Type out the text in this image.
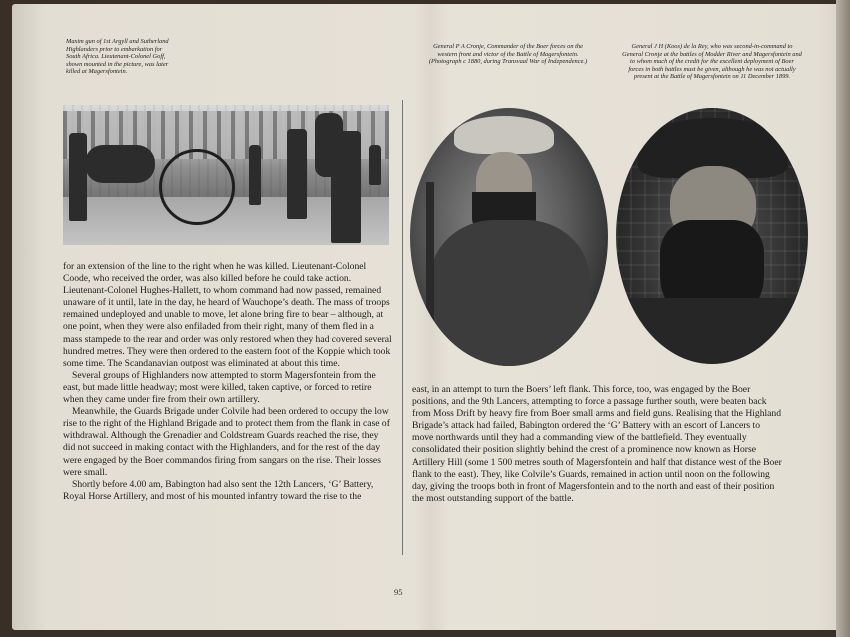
Maxim gun of 1st Argyll and Sutherland Highlanders prior to embarkation for South Africa. Lieutenant-Colonel Goff, shown mounted in the picture, was later killed at Magersfontein.
General P A Cronje, Commander of the Boer forces on the western front and victor of the Battle of Magersfontein. (Photograph c 1880, during Transvaal War of Independence.)
General J H (Koos) de la Rey, who was second-in-command to General Cronje at the battles of Modder River and Magersfontein and to whom much of the credit for the excellent deployment of Boer forces in both battles must be given, although he was not actually present at the Battle of Magersfontein on 11 December 1899.

for an extension of the line to the right when he was killed. Lieutenant-Colonel Coode, who received the order, was also killed before he could take action. Lieutenant-Colonel Hughes-Hallett, to whom command had now passed, remained unaware of it until, late in the day, he heard of Wauchope’s death. The mass of troops remained undeployed and unable to move, let alone bring fire to bear – although, at one point, when they were also enfiladed from their right, many of them fled in a mass stampede to the rear and order was only restored when they had covered several hundred metres. They were then ordered to the eastern foot of the Koppie which took some time. The Scandanavian outpost was eliminated at about this time.

Several groups of Highlanders now attempted to storm Magersfontein from the east, but made little headway; most were killed, taken captive, or forced to retire when they came under fire from their own artillery.

Meanwhile, the Guards Brigade under Colvile had been ordered to occupy the low rise to the right of the Highland Brigade and to protect them from the flank in case of withdrawal. Although the Grenadier and Coldstream Guards reached the rise, they did not succeed in making contact with the Highlanders, and for the rest of the day were engaged by the Boer commandos firing from sangars on the rise. Their losses were small.

Shortly before 4.00 am, Babington had also sent the 12th Lancers, ‘G’ Battery, Royal Horse Artillery, and most of his mounted infantry toward the rise to the

east, in an attempt to turn the Boers’ left flank. This force, too, was engaged by the Boer positions, and the 9th Lancers, attempting to force a passage further south, were beaten back from Moss Drift by heavy fire from Boer small arms and field guns. Realising that the Highland Brigade’s attack had failed, Babington ordered the ‘G’ Battery with an escort of Lancers to move northwards until they had a commanding view of the battlefield. They eventually consolidated their position slightly behind the crest of a prominence now known as Horse Artillery Hill (some 1 500 metres south of Magersfontein and half that distance west of the Boer flank to the east). They, like Colvile’s Guards, remained in action until noon on the following day, giving the troops both in front of Magersfontein and to the north and east of their position the most outstanding support of the battle.

95
